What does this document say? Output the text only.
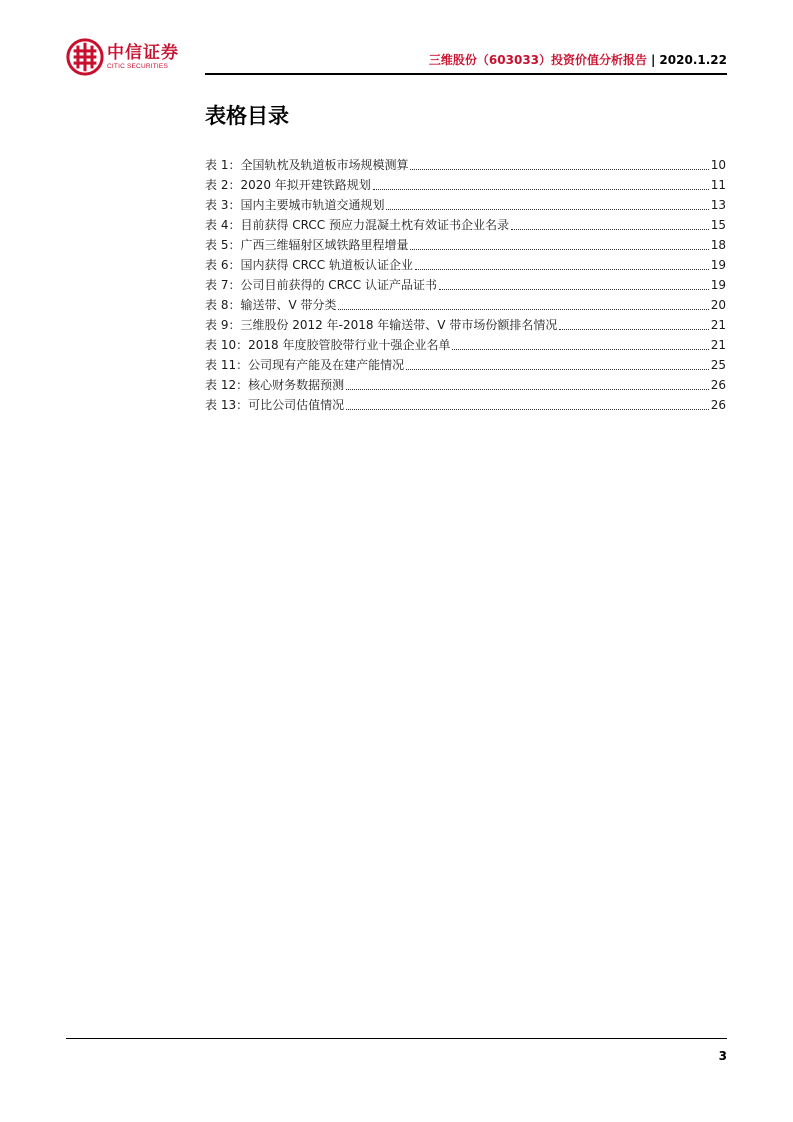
中信证券
CITIC SECURITIES	三维股份（603033）投资价值分析报告 | 2020.1.22
表格目录
表 1：全国轨枕及轨道板市场规模测算	10
表 2：2020 年拟开建铁路规划	11
表 3：国内主要城市轨道交通规划	13
表 4：目前获得 CRCC 预应力混凝土枕有效证书企业名录	15
表 5：广西三维辐射区域铁路里程增量	18
表 6：国内获得 CRCC 轨道板认证企业	19
表 7：公司目前获得的 CRCC 认证产品证书	19
表 8：输送带、V 带分类	20
表 9：三维股份 2012 年-2018 年输送带、V 带市场份额排名情况	21
表 10：2018 年度胶管胶带行业十强企业名单	21
表 11：公司现有产能及在建产能情况	25
表 12：核心财务数据预测	26
表 13：可比公司估值情况	26
3
